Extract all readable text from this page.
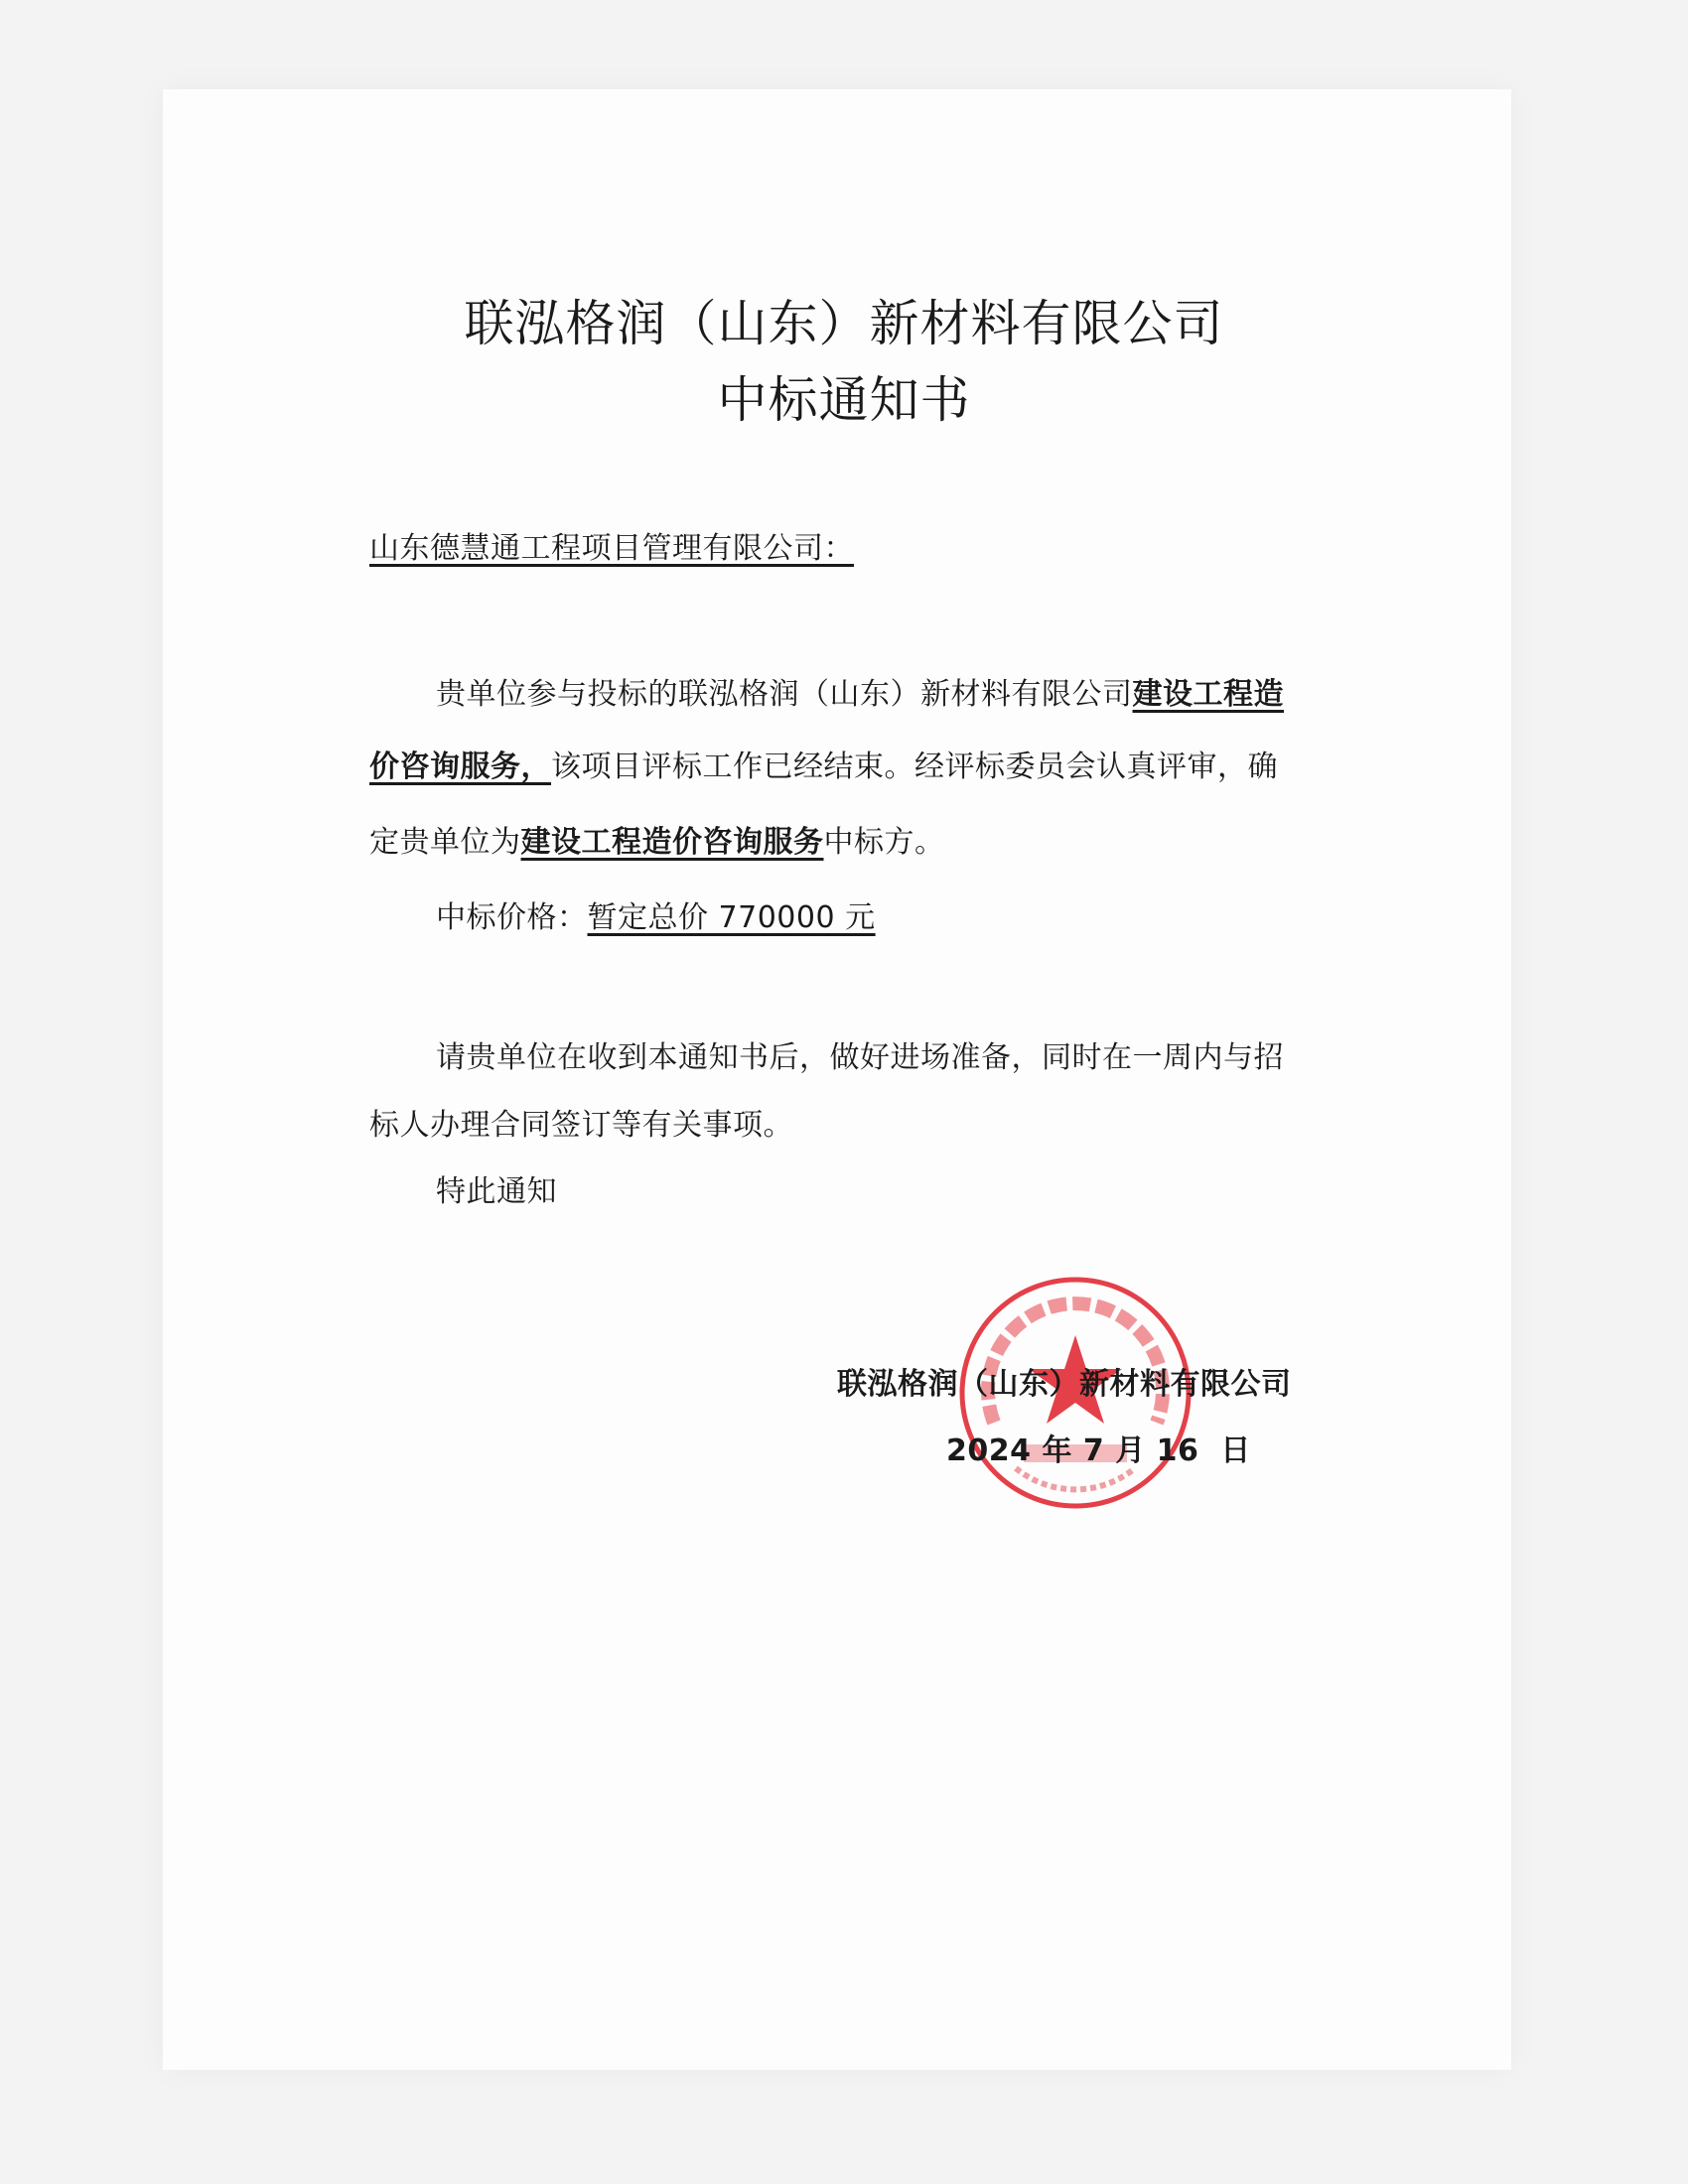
联泓格润（山东）新材料有限公司
中标通知书
山东德慧通工程项目管理有限公司：
贵单位参与投标的联泓格润（山东）新材料有限公司建设工程造
价咨询服务，该项目评标工作已经结束。经评标委员会认真评审，确
定贵单位为建设工程造价咨询服务中标方。
中标价格：暂定总价 770000 元
请贵单位在收到本通知书后，做好进场准备，同时在一周内与招
标人办理合同签订等有关事项。
特此通知
联泓格润（山东）新材料有限公司
2024 年 7 月 16  日
